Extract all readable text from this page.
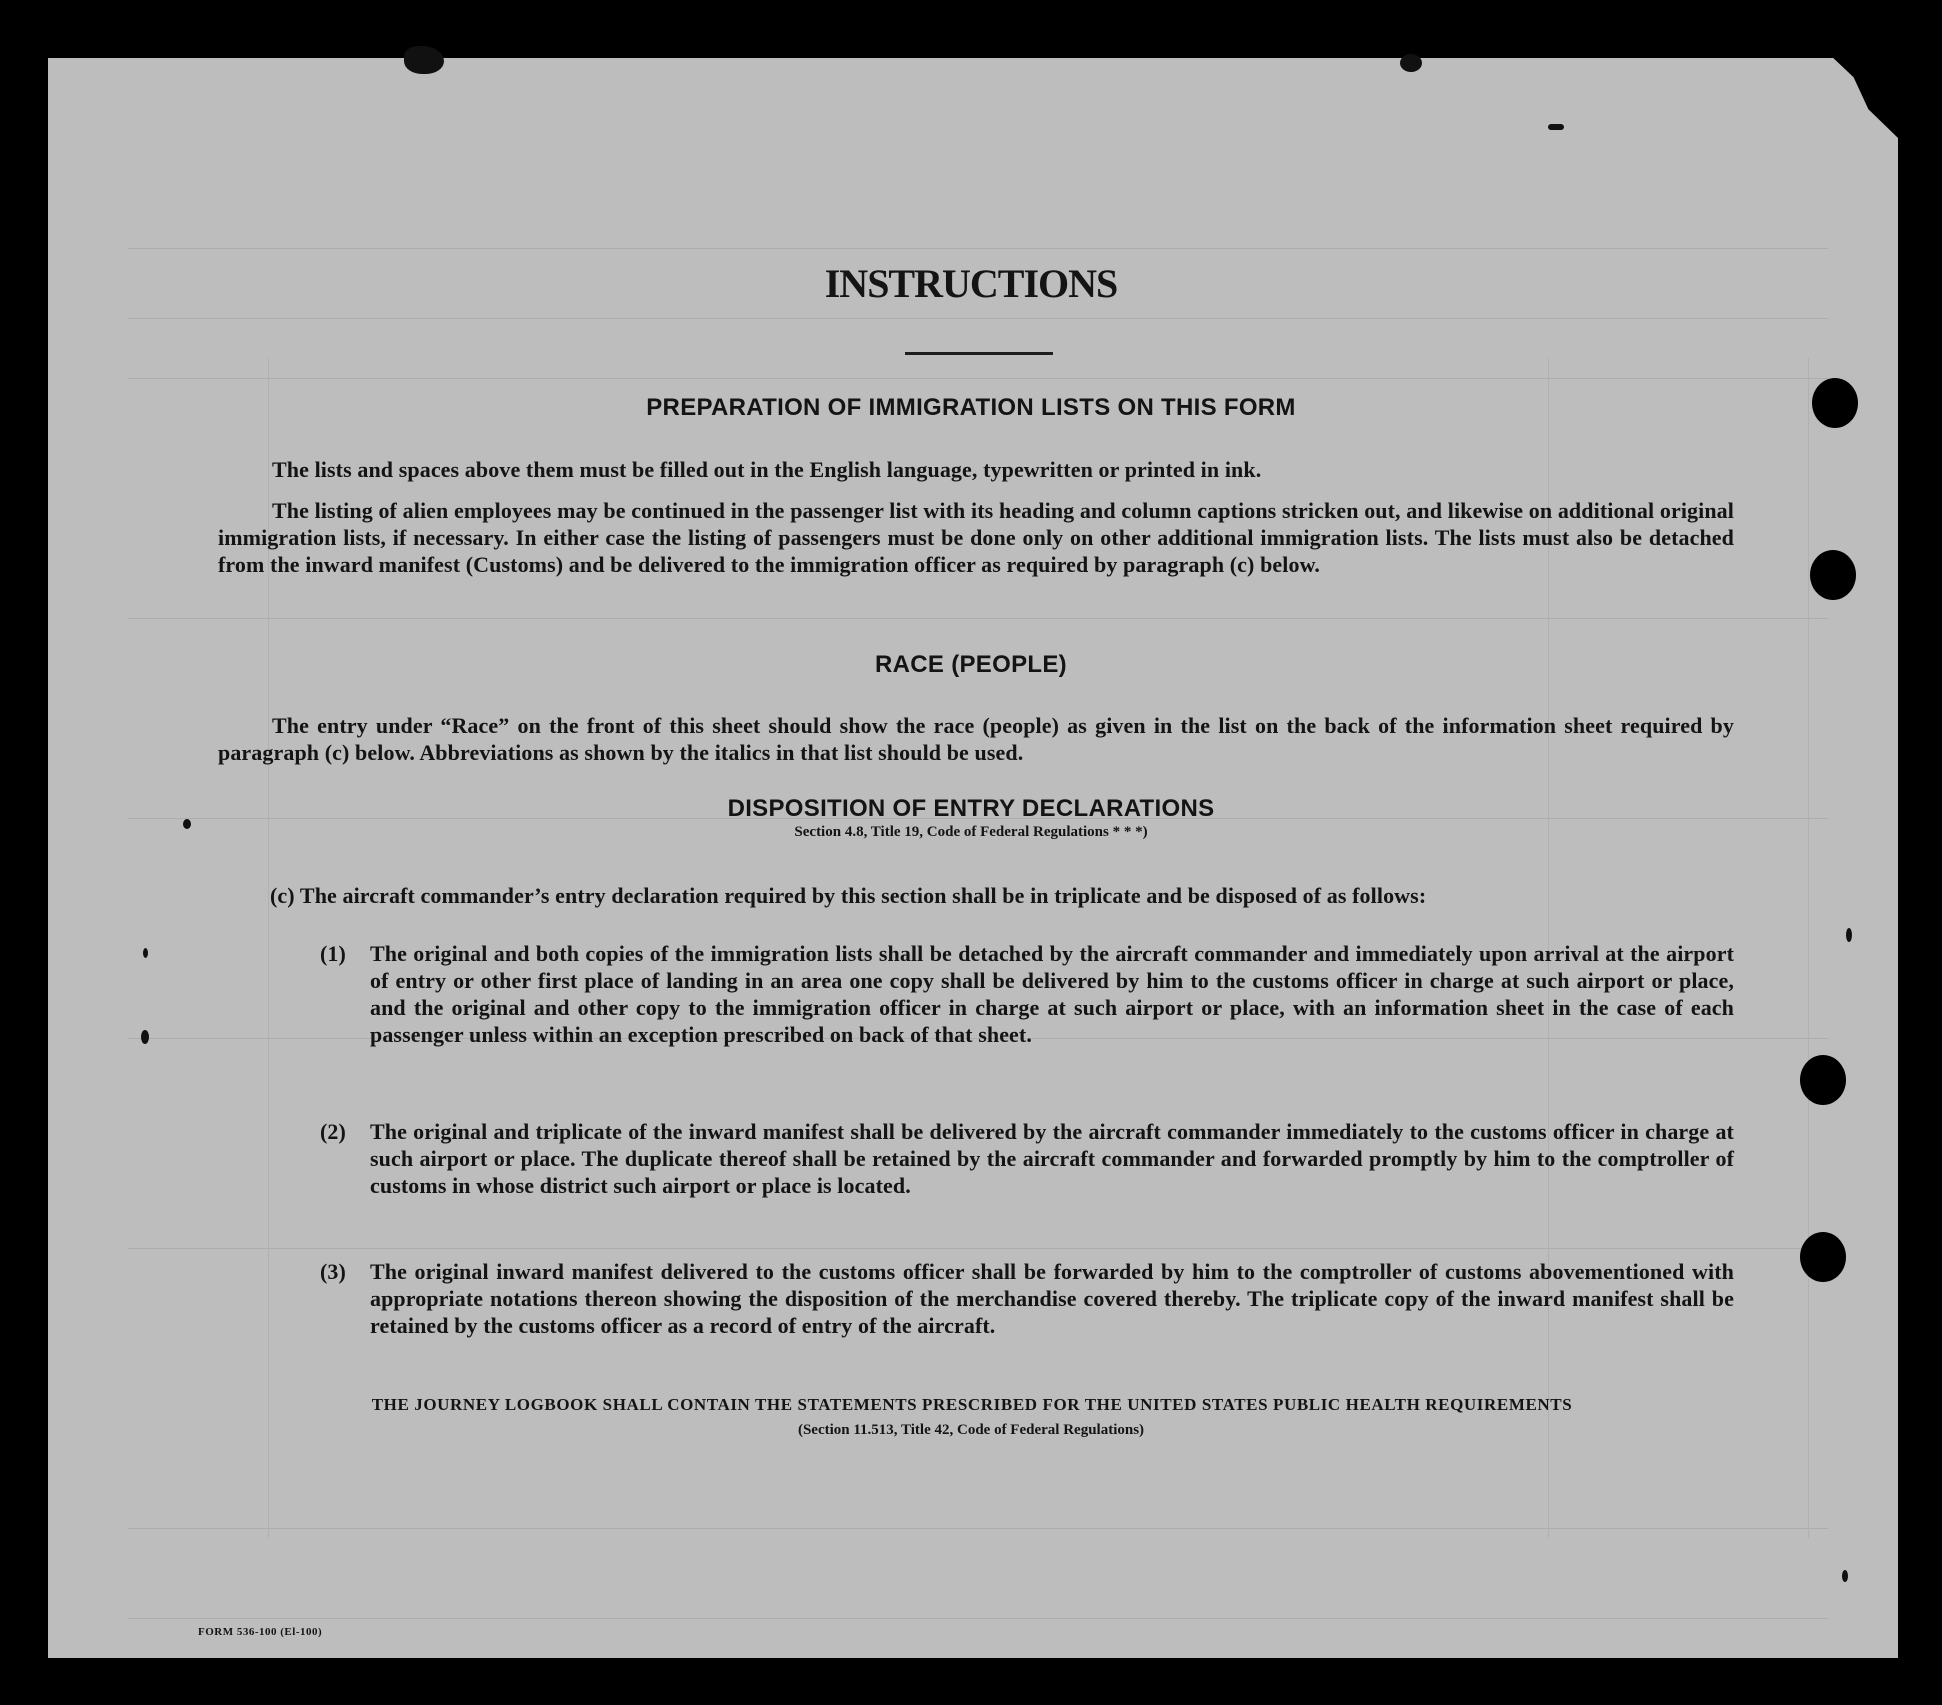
INSTRUCTIONS
PREPARATION OF IMMIGRATION LISTS ON THIS FORM
The lists and spaces above them must be filled out in the English language, typewritten or printed in ink.
The listing of alien employees may be continued in the passenger list with its heading and column captions stricken out, and likewise on additional original immigration lists, if necessary. In either case the listing of passengers must be done only on other additional immigration lists. The lists must also be detached from the inward manifest (Customs) and be delivered to the immigration officer as required by paragraph (c) below.
RACE (PEOPLE)
The entry under “Race” on the front of this sheet should show the race (people) as given in the list on the back of the information sheet required by paragraph (c) below. Abbreviations as shown by the italics in that list should be used.
DISPOSITION OF ENTRY DECLARATIONS
Section 4.8, Title 19, Code of Federal Regulations * * *)
(c) The aircraft commander’s entry declaration required by this section shall be in triplicate and be disposed of as follows:
(1)	The original and both copies of the immigration lists shall be detached by the aircraft commander and immediately upon arrival at the airport of entry or other first place of landing in an area one copy shall be delivered by him to the customs officer in charge at such airport or place, and the original and other copy to the immigration officer in charge at such airport or place, with an information sheet in the case of each passenger unless within an exception prescribed on back of that sheet.
(2)	The original and triplicate of the inward manifest shall be delivered by the aircraft commander immediately to the customs officer in charge at such airport or place. The duplicate thereof shall be retained by the aircraft commander and forwarded promptly by him to the comptroller of customs in whose district such airport or place is located.
(3)	The original inward manifest delivered to the customs officer shall be forwarded by him to the comptroller of customs abovementioned with appropriate notations thereon showing the disposition of the merchandise covered thereby. The triplicate copy of the inward manifest shall be retained by the customs officer as a record of entry of the aircraft.
THE JOURNEY LOGBOOK SHALL CONTAIN THE STATEMENTS PRESCRIBED FOR THE UNITED STATES PUBLIC HEALTH REQUIREMENTS
(Section 11.513, Title 42, Code of Federal Regulations)
FORM 536-100 (El-100)
